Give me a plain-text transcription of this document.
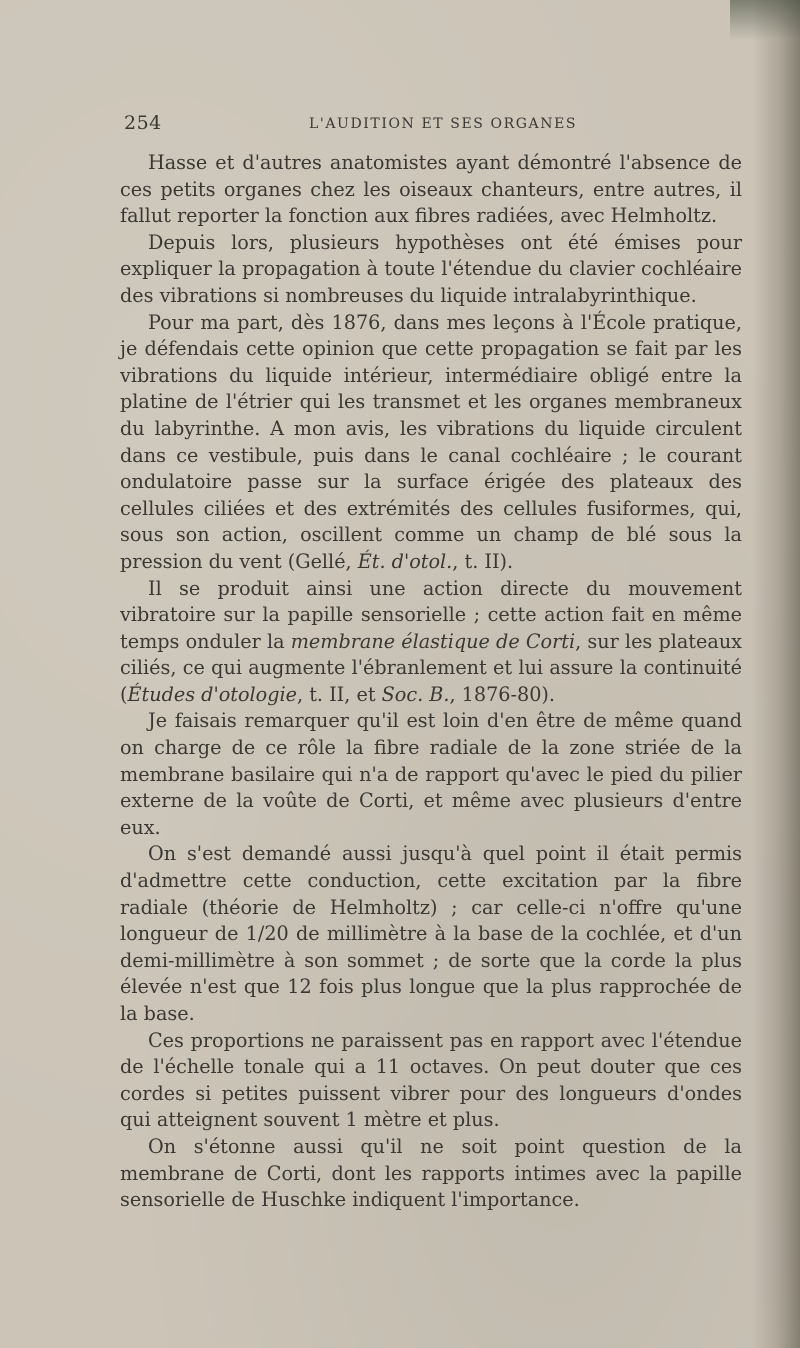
254	L'AUDITION ET SES ORGANES

Hasse et d'autres anatomistes ayant démontré l'absence de ces petits organes chez les oiseaux chanteurs, entre autres, il fallut reporter la fonction aux fibres radiées, avec Helmholtz.

Depuis lors, plusieurs hypothèses ont été émises pour expliquer la propagation à toute l'étendue du clavier cochléaire des vibrations si nombreuses du liquide intralabyrinthique.

Pour ma part, dès 1876, dans mes leçons à l'École pratique, je défendais cette opinion que cette propagation se fait par les vibrations du liquide intérieur, intermédiaire obligé entre la platine de l'étrier qui les transmet et les organes membraneux du labyrinthe. A mon avis, les vibrations du liquide circulent dans ce vestibule, puis dans le canal cochléaire ; le courant ondulatoire passe sur la surface érigée des plateaux des cellules ciliées et des extrémités des cellules fusiformes, qui, sous son action, oscillent comme un champ de blé sous la pression du vent (Gellé, Ét. d'otol., t. II).

Il se produit ainsi une action directe du mouvement vibratoire sur la papille sensorielle ; cette action fait en même temps onduler la membrane élastique de Corti, sur les plateaux ciliés, ce qui augmente l'ébranlement et lui assure la continuité (Études d'otologie, t. II, et Soc. B., 1876-80).

Je faisais remarquer qu'il est loin d'en être de même quand on charge de ce rôle la fibre radiale de la zone striée de la membrane basilaire qui n'a de rapport qu'avec le pied du pilier externe de la voûte de Corti, et même avec plusieurs d'entre eux.

On s'est demandé aussi jusqu'à quel point il était permis d'admettre cette conduction, cette excitation par la fibre radiale (théorie de Helmholtz) ; car celle-ci n'offre qu'une longueur de 1/20 de millimètre à la base de la cochlée, et d'un demi-millimètre à son sommet ; de sorte que la corde la plus élevée n'est que 12 fois plus longue que la plus rapprochée de la base.

Ces proportions ne paraissent pas en rapport avec l'étendue de l'échelle tonale qui a 11 octaves. On peut douter que ces cordes si petites puissent vibrer pour des longueurs d'ondes qui atteignent souvent 1 mètre et plus.

On s'étonne aussi qu'il ne soit point question de la membrane de Corti, dont les rapports intimes avec la papille sensorielle de Huschke indiquent l'importance.
